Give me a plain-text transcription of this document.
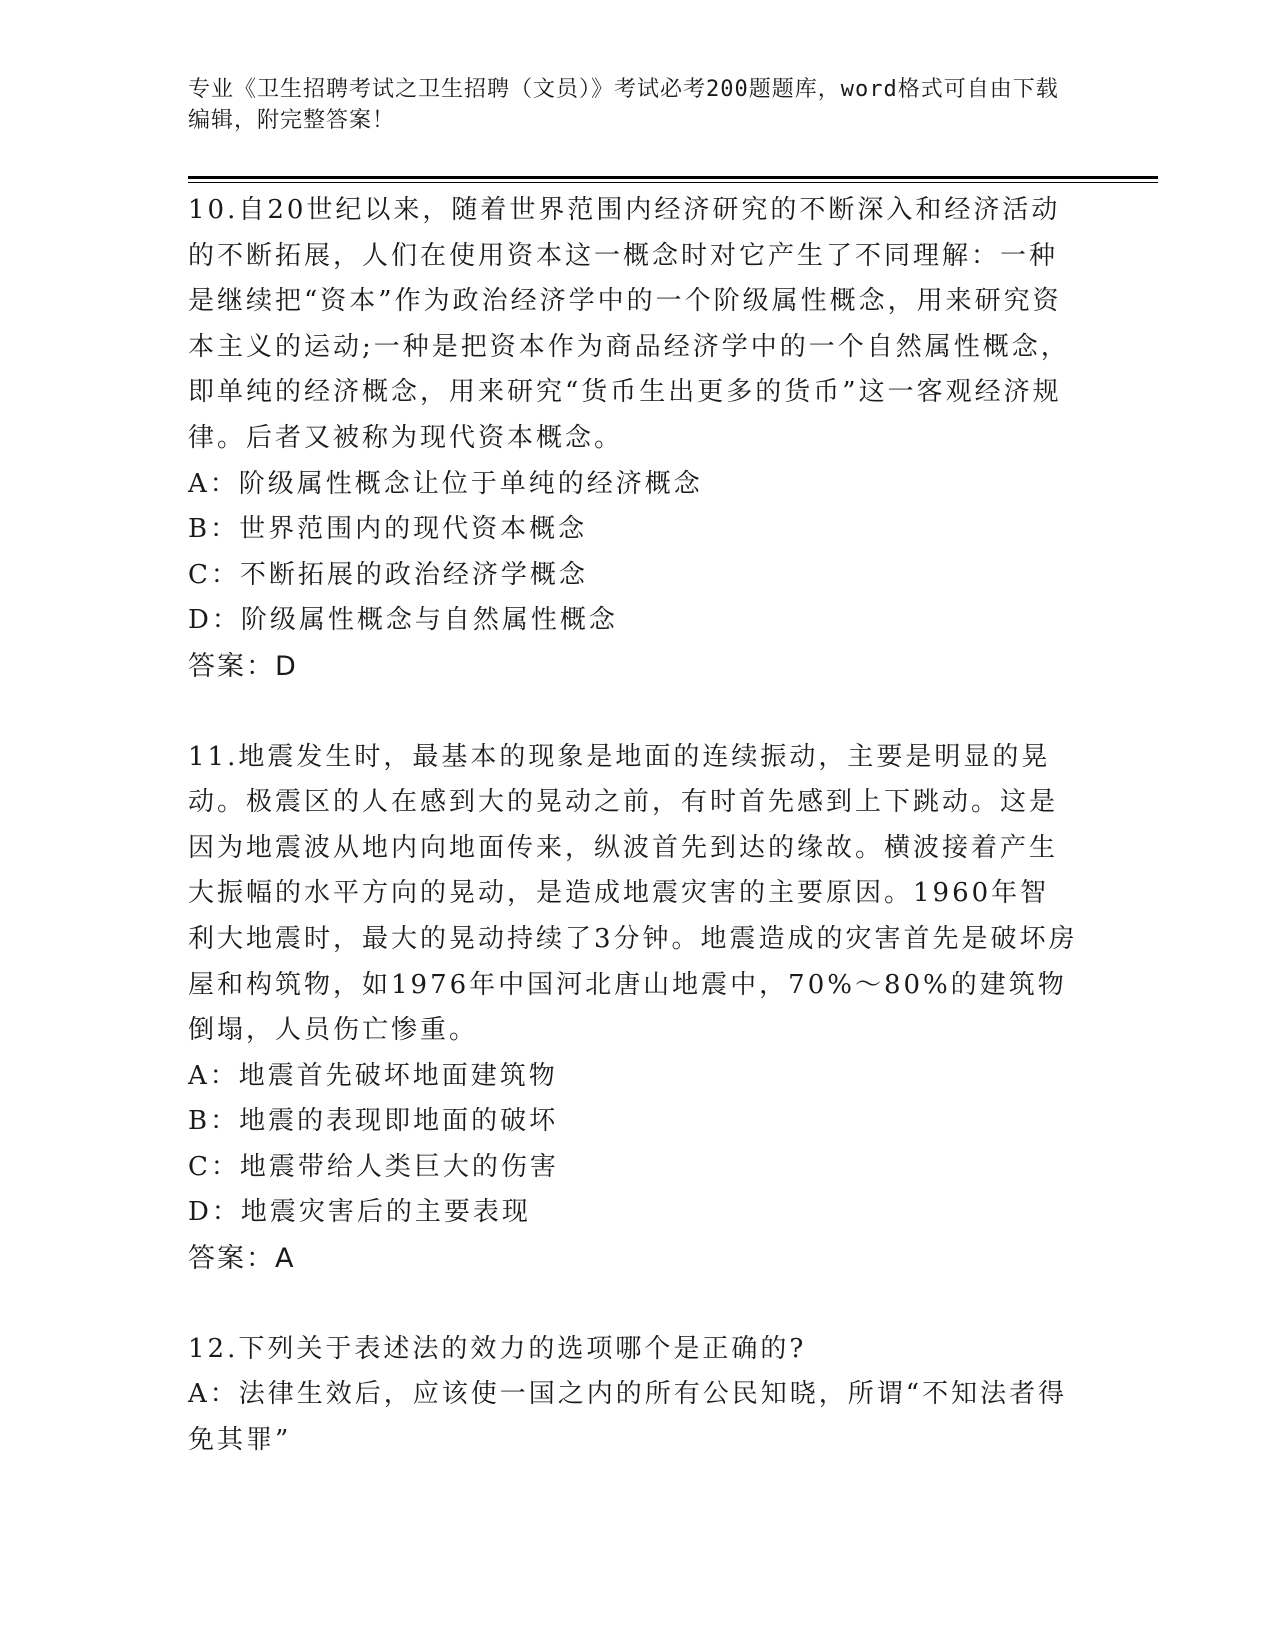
专业《卫生招聘考试之卫生招聘（文员）》考试必考200题题库，word格式可自由下载编辑，附完整答案！

10.自20世纪以来，随着世界范围内经济研究的不断深入和经济活动的不断拓展，人们在使用资本这一概念时对它产生了不同理解：一种是继续把“资本”作为政治经济学中的一个阶级属性概念，用来研究资本主义的运动;一种是把资本作为商品经济学中的一个自然属性概念，即单纯的经济概念，用来研究“货币生出更多的货币”这一客观经济规律。后者又被称为现代资本概念。

A：阶级属性概念让位于单纯的经济概念

B：世界范围内的现代资本概念

C：不断拓展的政治经济学概念

D：阶级属性概念与自然属性概念

答案：D

11.地震发生时，最基本的现象是地面的连续振动，主要是明显的晃动。极震区的人在感到大的晃动之前，有时首先感到上下跳动。这是因为地震波从地内向地面传来，纵波首先到达的缘故。横波接着产生大振幅的水平方向的晃动，是造成地震灾害的主要原因。1960年智利大地震时，最大的晃动持续了3分钟。地震造成的灾害首先是破坏房屋和构筑物，如1976年中国河北唐山地震中，70%～80%的建筑物倒塌，人员伤亡惨重。

A：地震首先破坏地面建筑物

B：地震的表现即地面的破坏

C：地震带给人类巨大的伤害

D：地震灾害后的主要表现

答案：A

12.下列关于表述法的效力的选项哪个是正确的?

A：法律生效后，应该使一国之内的所有公民知晓，所谓“不知法者得免其罪”
